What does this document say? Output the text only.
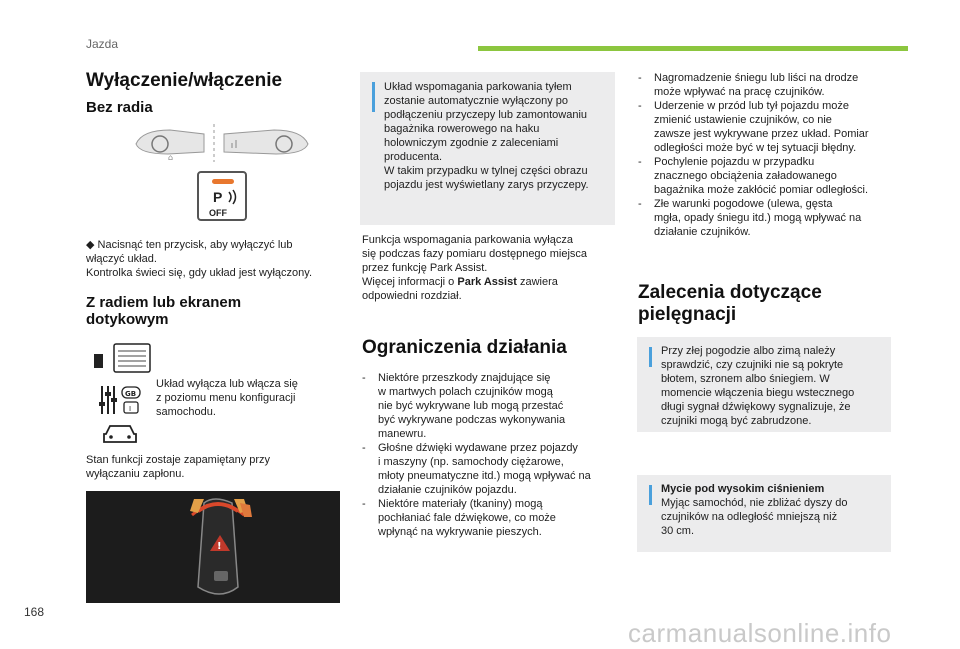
Jazda
Wyłączenie/włączenie
Bez radia
⌂
P
OFF
◆ Nacisnąć ten przycisk, aby wyłączyć lub
włączyć układ.
Kontrolka świeci się, gdy układ jest wyłączony.
Z radiem lub ekranem dotykowym
GB
I
Układ wyłącza lub włącza się
z poziomu menu konfiguracji
samochodu.
Stan funkcji zostaje zapamiętany przy
wyłączaniu zapłonu.
!
Układ wspomagania parkowania tyłem
zostanie automatycznie wyłączony po
podłączeniu przyczepy lub zamontowaniu
bagażnika rowerowego na haku
holowniczym zgodnie z zaleceniami
producenta.
W takim przypadku w tylnej części obrazu
pojazdu jest wyświetlany zarys przyczepy.
Funkcja wspomagania parkowania wyłącza
się podczas fazy pomiaru dostępnego miejsca
przez funkcję Park Assist.
Więcej informacji o Park Assist zawiera
odpowiedni rozdział.
Ograniczenia działania
- Niektóre przeszkody znajdujące się
w martwych polach czujników mogą
nie być wykrywane lub mogą przestać
być wykrywane podczas wykonywania
manewru.
- Głośne dźwięki wydawane przez pojazdy
i maszyny (np. samochody ciężarowe,
młoty pneumatyczne itd.) mogą wpływać na
działanie czujników pojazdu.
- Niektóre materiały (tkaniny) mogą
pochłaniać fale dźwiękowe, co może
wpłynąć na wykrywanie pieszych.
- Nagromadzenie śniegu lub liści na drodze
może wpływać na pracę czujników.
- Uderzenie w przód lub tył pojazdu może
zmienić ustawienie czujników, co nie
zawsze jest wykrywane przez układ. Pomiar
odległości może być w tej sytuacji błędny.
- Pochylenie pojazdu w przypadku
znacznego obciążenia załadowanego
bagażnika może zakłócić pomiar odległości.
- Złe warunki pogodowe (ulewa, gęsta
mgła, opady śniegu itd.) mogą wpływać na
działanie czujników.
Zalecenia dotyczące pielęgnacji
Przy złej pogodzie albo zimą należy
sprawdzić, czy czujniki nie są pokryte
błotem, szronem albo śniegiem. W
momencie włączenia biegu wstecznego
długi sygnał dźwiękowy sygnalizuje, że
czujniki mogą być zabrudzone.
Mycie pod wysokim ciśnieniem
Myjąc samochód, nie zbliżać dyszy do
czujników na odległość mniejszą niż
30 cm.
168
carmanualsonline.info
